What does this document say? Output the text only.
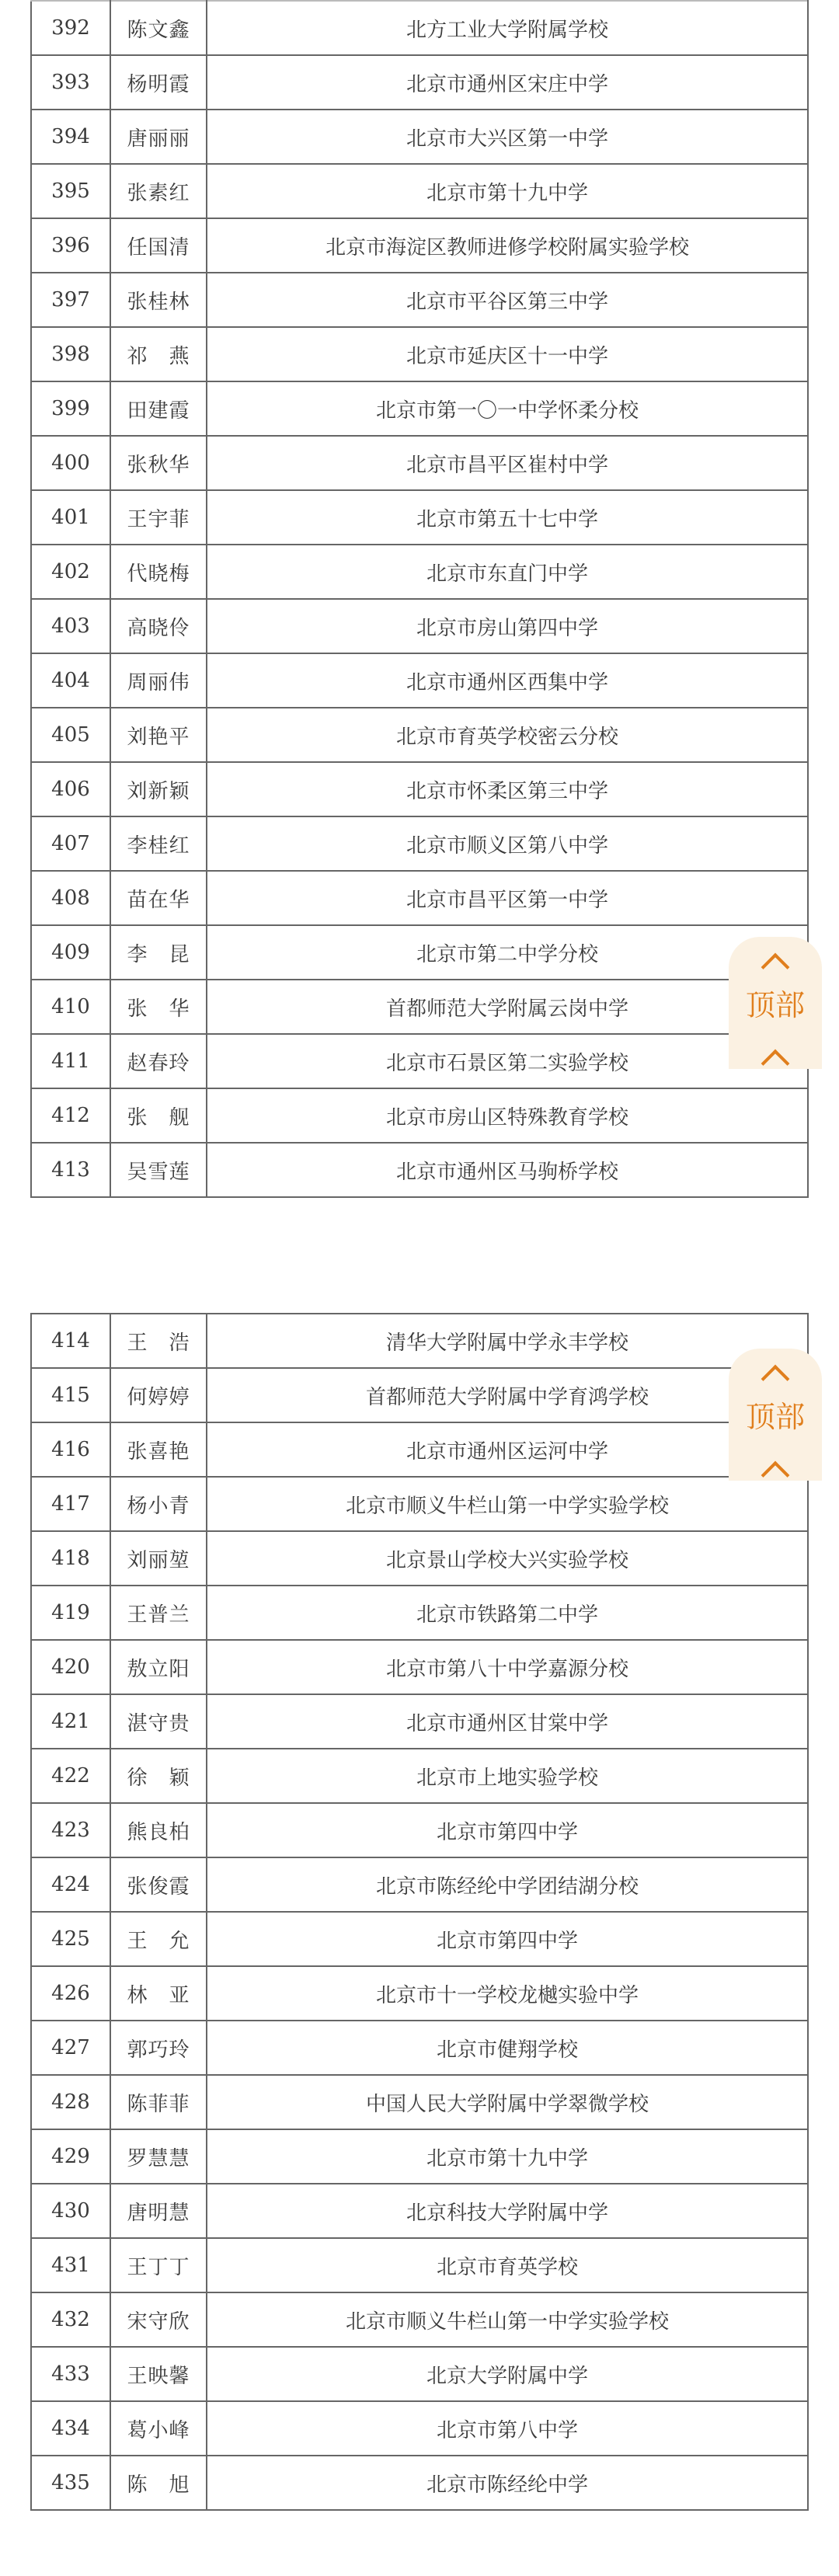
392	陈文鑫	北方工业大学附属学校
393	杨明霞	北京市通州区宋庄中学
394	唐丽丽	北京市大兴区第一中学
395	张素红	北京市第十九中学
396	任国清	北京市海淀区教师进修学校附属实验学校
397	张桂林	北京市平谷区第三中学
398	祁　燕	北京市延庆区十一中学
399	田建霞	北京市第一〇一中学怀柔分校
400	张秋华	北京市昌平区崔村中学
401	王宇菲	北京市第五十七中学
402	代晓梅	北京市东直门中学
403	高晓伶	北京市房山第四中学
404	周丽伟	北京市通州区西集中学
405	刘艳平	北京市育英学校密云分校
406	刘新颖	北京市怀柔区第三中学
407	李桂红	北京市顺义区第八中学
408	苗在华	北京市昌平区第一中学
409	李　昆	北京市第二中学分校
410	张　华	首都师范大学附属云岗中学
411	赵春玲	北京市石景区第二实验学校
412	张　舰	北京市房山区特殊教育学校
413	吴雪莲	北京市通州区马驹桥学校
414	王　浩	清华大学附属中学永丰学校
415	何婷婷	首都师范大学附属中学育鸿学校
416	张喜艳	北京市通州区运河中学
417	杨小青	北京市顺义牛栏山第一中学实验学校
418	刘丽堃	北京景山学校大兴实验学校
419	王普兰	北京市铁路第二中学
420	敖立阳	北京市第八十中学嘉源分校
421	湛守贵	北京市通州区甘棠中学
422	徐　颖	北京市上地实验学校
423	熊良柏	北京市第四中学
424	张俊霞	北京市陈经纶中学团结湖分校
425	王　允	北京市第四中学
426	林　亚	北京市十一学校龙樾实验中学
427	郭巧玲	北京市健翔学校
428	陈菲菲	中国人民大学附属中学翠微学校
429	罗慧慧	北京市第十九中学
430	唐明慧	北京科技大学附属中学
431	王丁丁	北京市育英学校
432	宋守欣	北京市顺义牛栏山第一中学实验学校
433	王映馨	北京大学附属中学
434	葛小峰	北京市第八中学
435	陈　旭	北京市陈经纶中学
顶部
顶部
